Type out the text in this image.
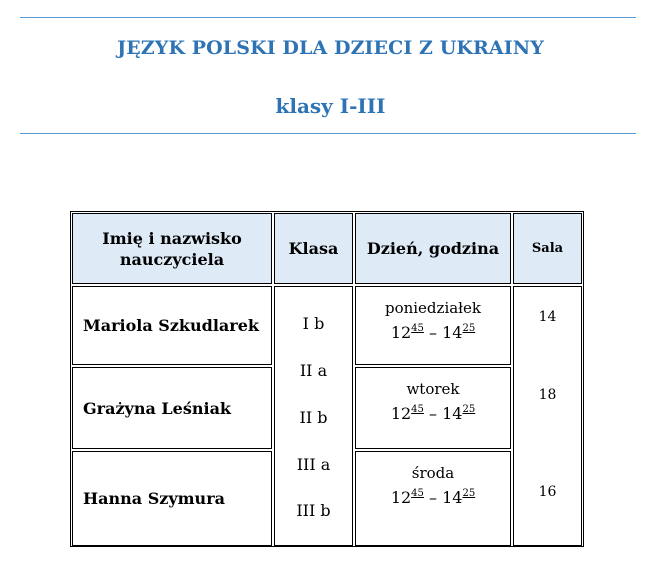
JĘZYK POLSKI DLA DZIECI Z UKRAINY
klasy I-III
Imię i nazwisko
nauczyciela
Klasa Dzień, godzina	Sala
Mariola Szkudlarek
Grażyna Leśniak
Hanna Szymura
I b
II a
II b
III a
III b
poniedziałek
$12^{45} - 14^{25}$
wtorek
$12^{45} - 14^{25}$
środa
$12^{45} - 14^{25}$
14
18
16
